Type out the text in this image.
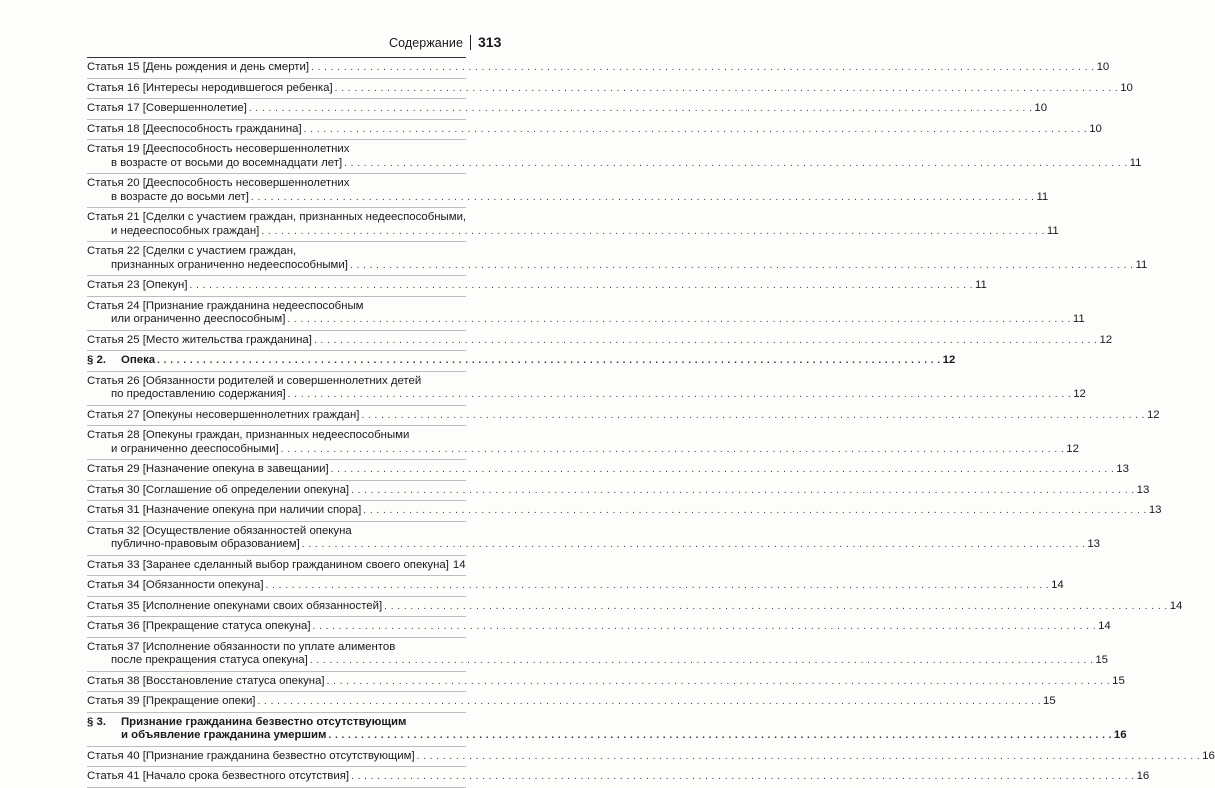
Содержание 313
Статья 15 [День рождения и день смерти] . . . . . . . . . . . . . . . . . . . . . . . . . . . . . . . . . . . . . . . . . . . . . . . . . . . . . . . . . . . . . . . . . . . . . . . . . . . . . . . . . . . . . . . . . . . . . . . . . . . . . . . . . . . . . . . . . . . . . . . . 10
Статья 16 [Интересы неродившегося ребенка] . . . . . . . . . . . . . . . . . . . . . . . . . . . . . . . . . . . . . . . . . . . . . . . . . . . . . . . . . . . . . . . . . . . . . . . . . . . . . . . . . . . . . . . . . . . . . . . . . . . . . . . . . . . . . . . . . . . . . . . . 10
Статья 17 [Совершеннолетие] . . . . . . . . . . . . . . . . . . . . . . . . . . . . . . . . . . . . . . . . . . . . . . . . . . . . . . . . . . . . . . . . . . . . . . . . . . . . . . . . . . . . . . . . . . . . . . . . . . . . . . . . . . . . . . . . . . . . . . . . 10
Статья 18 [Дееспособность гражданина] . . . . . . . . . . . . . . . . . . . . . . . . . . . . . . . . . . . . . . . . . . . . . . . . . . . . . . . . . . . . . . . . . . . . . . . . . . . . . . . . . . . . . . . . . . . . . . . . . . . . . . . . . . . . . . . . . . . . . . . . 10
Статья 19 [Дееспособность несовершеннолетних
в возрасте от восьми до восемнадцати лет] . . . . . . . . . . . . . . . . . . . . . . . . . . . . . . . . . . . . . . . . . . . . . . . . . . . . . . . . . . . . . . . . . . . . . . . . . . . . . . . . . . . . . . . . . . . . . . . . . . . . . . . . . . . . . . . . . . . . . . . . 11
Статья 20 [Дееспособность несовершеннолетних
в возрасте до восьми лет] . . . . . . . . . . . . . . . . . . . . . . . . . . . . . . . . . . . . . . . . . . . . . . . . . . . . . . . . . . . . . . . . . . . . . . . . . . . . . . . . . . . . . . . . . . . . . . . . . . . . . . . . . . . . . . . . . . . . . . . . 11
Статья 21 [Сделки с участием граждан, признанных недееспособными,
и недееспособных граждан] . . . . . . . . . . . . . . . . . . . . . . . . . . . . . . . . . . . . . . . . . . . . . . . . . . . . . . . . . . . . . . . . . . . . . . . . . . . . . . . . . . . . . . . . . . . . . . . . . . . . . . . . . . . . . . . . . . . . . . . . 11
Статья 22 [Сделки с участием граждан,
признанных ограниченно недееспособными] . . . . . . . . . . . . . . . . . . . . . . . . . . . . . . . . . . . . . . . . . . . . . . . . . . . . . . . . . . . . . . . . . . . . . . . . . . . . . . . . . . . . . . . . . . . . . . . . . . . . . . . . . . . . . . . . . . . . . . . . 11
Статья 23 [Опекун] . . . . . . . . . . . . . . . . . . . . . . . . . . . . . . . . . . . . . . . . . . . . . . . . . . . . . . . . . . . . . . . . . . . . . . . . . . . . . . . . . . . . . . . . . . . . . . . . . . . . . . . . . . . . . . . . . . . . . . . . 11
Статья 24 [Признание гражданина недееспособным
или ограниченно дееспособным] . . . . . . . . . . . . . . . . . . . . . . . . . . . . . . . . . . . . . . . . . . . . . . . . . . . . . . . . . . . . . . . . . . . . . . . . . . . . . . . . . . . . . . . . . . . . . . . . . . . . . . . . . . . . . . . . . . . . . . . . 11
Статья 25 [Место жительства гражданина] . . . . . . . . . . . . . . . . . . . . . . . . . . . . . . . . . . . . . . . . . . . . . . . . . . . . . . . . . . . . . . . . . . . . . . . . . . . . . . . . . . . . . . . . . . . . . . . . . . . . . . . . . . . . . . . . . . . . . . . . 12
§ 2. Опека . . . . . . . . . . . . . . . . . . . . . . . . . . . . . . . . . . . . . . . . . . . . . . . . . . . . . . . . . . . . . . . . . . . . . . . . . . . . . . . . . . . . . . . . . . . . . . . . . . . . . . . . . . . . . . . . . . . . . . . . 12
Статья 26 [Обязанности родителей и совершеннолетних детей
по предоставлению содержания] . . . . . . . . . . . . . . . . . . . . . . . . . . . . . . . . . . . . . . . . . . . . . . . . . . . . . . . . . . . . . . . . . . . . . . . . . . . . . . . . . . . . . . . . . . . . . . . . . . . . . . . . . . . . . . . . . . . . . . . . 12
Статья 27 [Опекуны несовершеннолетних граждан] . . . . . . . . . . . . . . . . . . . . . . . . . . . . . . . . . . . . . . . . . . . . . . . . . . . . . . . . . . . . . . . . . . . . . . . . . . . . . . . . . . . . . . . . . . . . . . . . . . . . . . . . . . . . . . . . . . . . . . . . 12
Статья 28 [Опекуны граждан, признанных недееспособными
и ограниченно дееспособными] . . . . . . . . . . . . . . . . . . . . . . . . . . . . . . . . . . . . . . . . . . . . . . . . . . . . . . . . . . . . . . . . . . . . . . . . . . . . . . . . . . . . . . . . . . . . . . . . . . . . . . . . . . . . . . . . . . . . . . . . 12
Статья 29 [Назначение опекуна в завещании] . . . . . . . . . . . . . . . . . . . . . . . . . . . . . . . . . . . . . . . . . . . . . . . . . . . . . . . . . . . . . . . . . . . . . . . . . . . . . . . . . . . . . . . . . . . . . . . . . . . . . . . . . . . . . . . . . . . . . . . . 13
Статья 30 [Соглашение об определении опекуна] . . . . . . . . . . . . . . . . . . . . . . . . . . . . . . . . . . . . . . . . . . . . . . . . . . . . . . . . . . . . . . . . . . . . . . . . . . . . . . . . . . . . . . . . . . . . . . . . . . . . . . . . . . . . . . . . . . . . . . . . 13
Статья 31 [Назначение опекуна при наличии спора] . . . . . . . . . . . . . . . . . . . . . . . . . . . . . . . . . . . . . . . . . . . . . . . . . . . . . . . . . . . . . . . . . . . . . . . . . . . . . . . . . . . . . . . . . . . . . . . . . . . . . . . . . . . . . . . . . . . . . . . . 13
Статья 32 [Осуществление обязанностей опекуна
публично-правовым образованием] . . . . . . . . . . . . . . . . . . . . . . . . . . . . . . . . . . . . . . . . . . . . . . . . . . . . . . . . . . . . . . . . . . . . . . . . . . . . . . . . . . . . . . . . . . . . . . . . . . . . . . . . . . . . . . . . . . . . . . . . 13
Статья 33 [Заранее сделанный выбор гражданином своего опекуна] 14
Статья 34 [Обязанности опекуна] . . . . . . . . . . . . . . . . . . . . . . . . . . . . . . . . . . . . . . . . . . . . . . . . . . . . . . . . . . . . . . . . . . . . . . . . . . . . . . . . . . . . . . . . . . . . . . . . . . . . . . . . . . . . . . . . . . . . . . . . 14
Статья 35 [Исполнение опекунами своих обязанностей] . . . . . . . . . . . . . . . . . . . . . . . . . . . . . . . . . . . . . . . . . . . . . . . . . . . . . . . . . . . . . . . . . . . . . . . . . . . . . . . . . . . . . . . . . . . . . . . . . . . . . . . . . . . . . . . . . . . . . . . . 14
Статья 36 [Прекращение статуса опекуна] . . . . . . . . . . . . . . . . . . . . . . . . . . . . . . . . . . . . . . . . . . . . . . . . . . . . . . . . . . . . . . . . . . . . . . . . . . . . . . . . . . . . . . . . . . . . . . . . . . . . . . . . . . . . . . . . . . . . . . . . 14
Статья 37 [Исполнение обязанности по уплате алиментов
после прекращения статуса опекуна] . . . . . . . . . . . . . . . . . . . . . . . . . . . . . . . . . . . . . . . . . . . . . . . . . . . . . . . . . . . . . . . . . . . . . . . . . . . . . . . . . . . . . . . . . . . . . . . . . . . . . . . . . . . . . . . . . . . . . . . . 15
Статья 38 [Восстановление статуса опекуна] . . . . . . . . . . . . . . . . . . . . . . . . . . . . . . . . . . . . . . . . . . . . . . . . . . . . . . . . . . . . . . . . . . . . . . . . . . . . . . . . . . . . . . . . . . . . . . . . . . . . . . . . . . . . . . . . . . . . . . . . 15
Статья 39 [Прекращение опеки] . . . . . . . . . . . . . . . . . . . . . . . . . . . . . . . . . . . . . . . . . . . . . . . . . . . . . . . . . . . . . . . . . . . . . . . . . . . . . . . . . . . . . . . . . . . . . . . . . . . . . . . . . . . . . . . . . . . . . . . . 15
§ 3. Признание гражданина безвестно отсутствующим
и объявление гражданина умершим . . . . . . . . . . . . . . . . . . . . . . . . . . . . . . . . . . . . . . . . . . . . . . . . . . . . . . . . . . . . . . . . . . . . . . . . . . . . . . . . . . . . . . . . . . . . . . . . . . . . . . . . . . . . . . . . . . . . . . . . 16
Статья 40 [Признание гражданина безвестно отсутствующим] . . . . . . . . . . . . . . . . . . . . . . . . . . . . . . . . . . . . . . . . . . . . . . . . . . . . . . . . . . . . . . . . . . . . . . . . . . . . . . . . . . . . . . . . . . . . . . . . . . . . . . . . . . . . . . . . . . . . . . . . 16
Статья 41 [Начало срока безвестного отсутствия] . . . . . . . . . . . . . . . . . . . . . . . . . . . . . . . . . . . . . . . . . . . . . . . . . . . . . . . . . . . . . . . . . . . . . . . . . . . . . . . . . . . . . . . . . . . . . . . . . . . . . . . . . . . . . . . . . . . . . . . . 16
